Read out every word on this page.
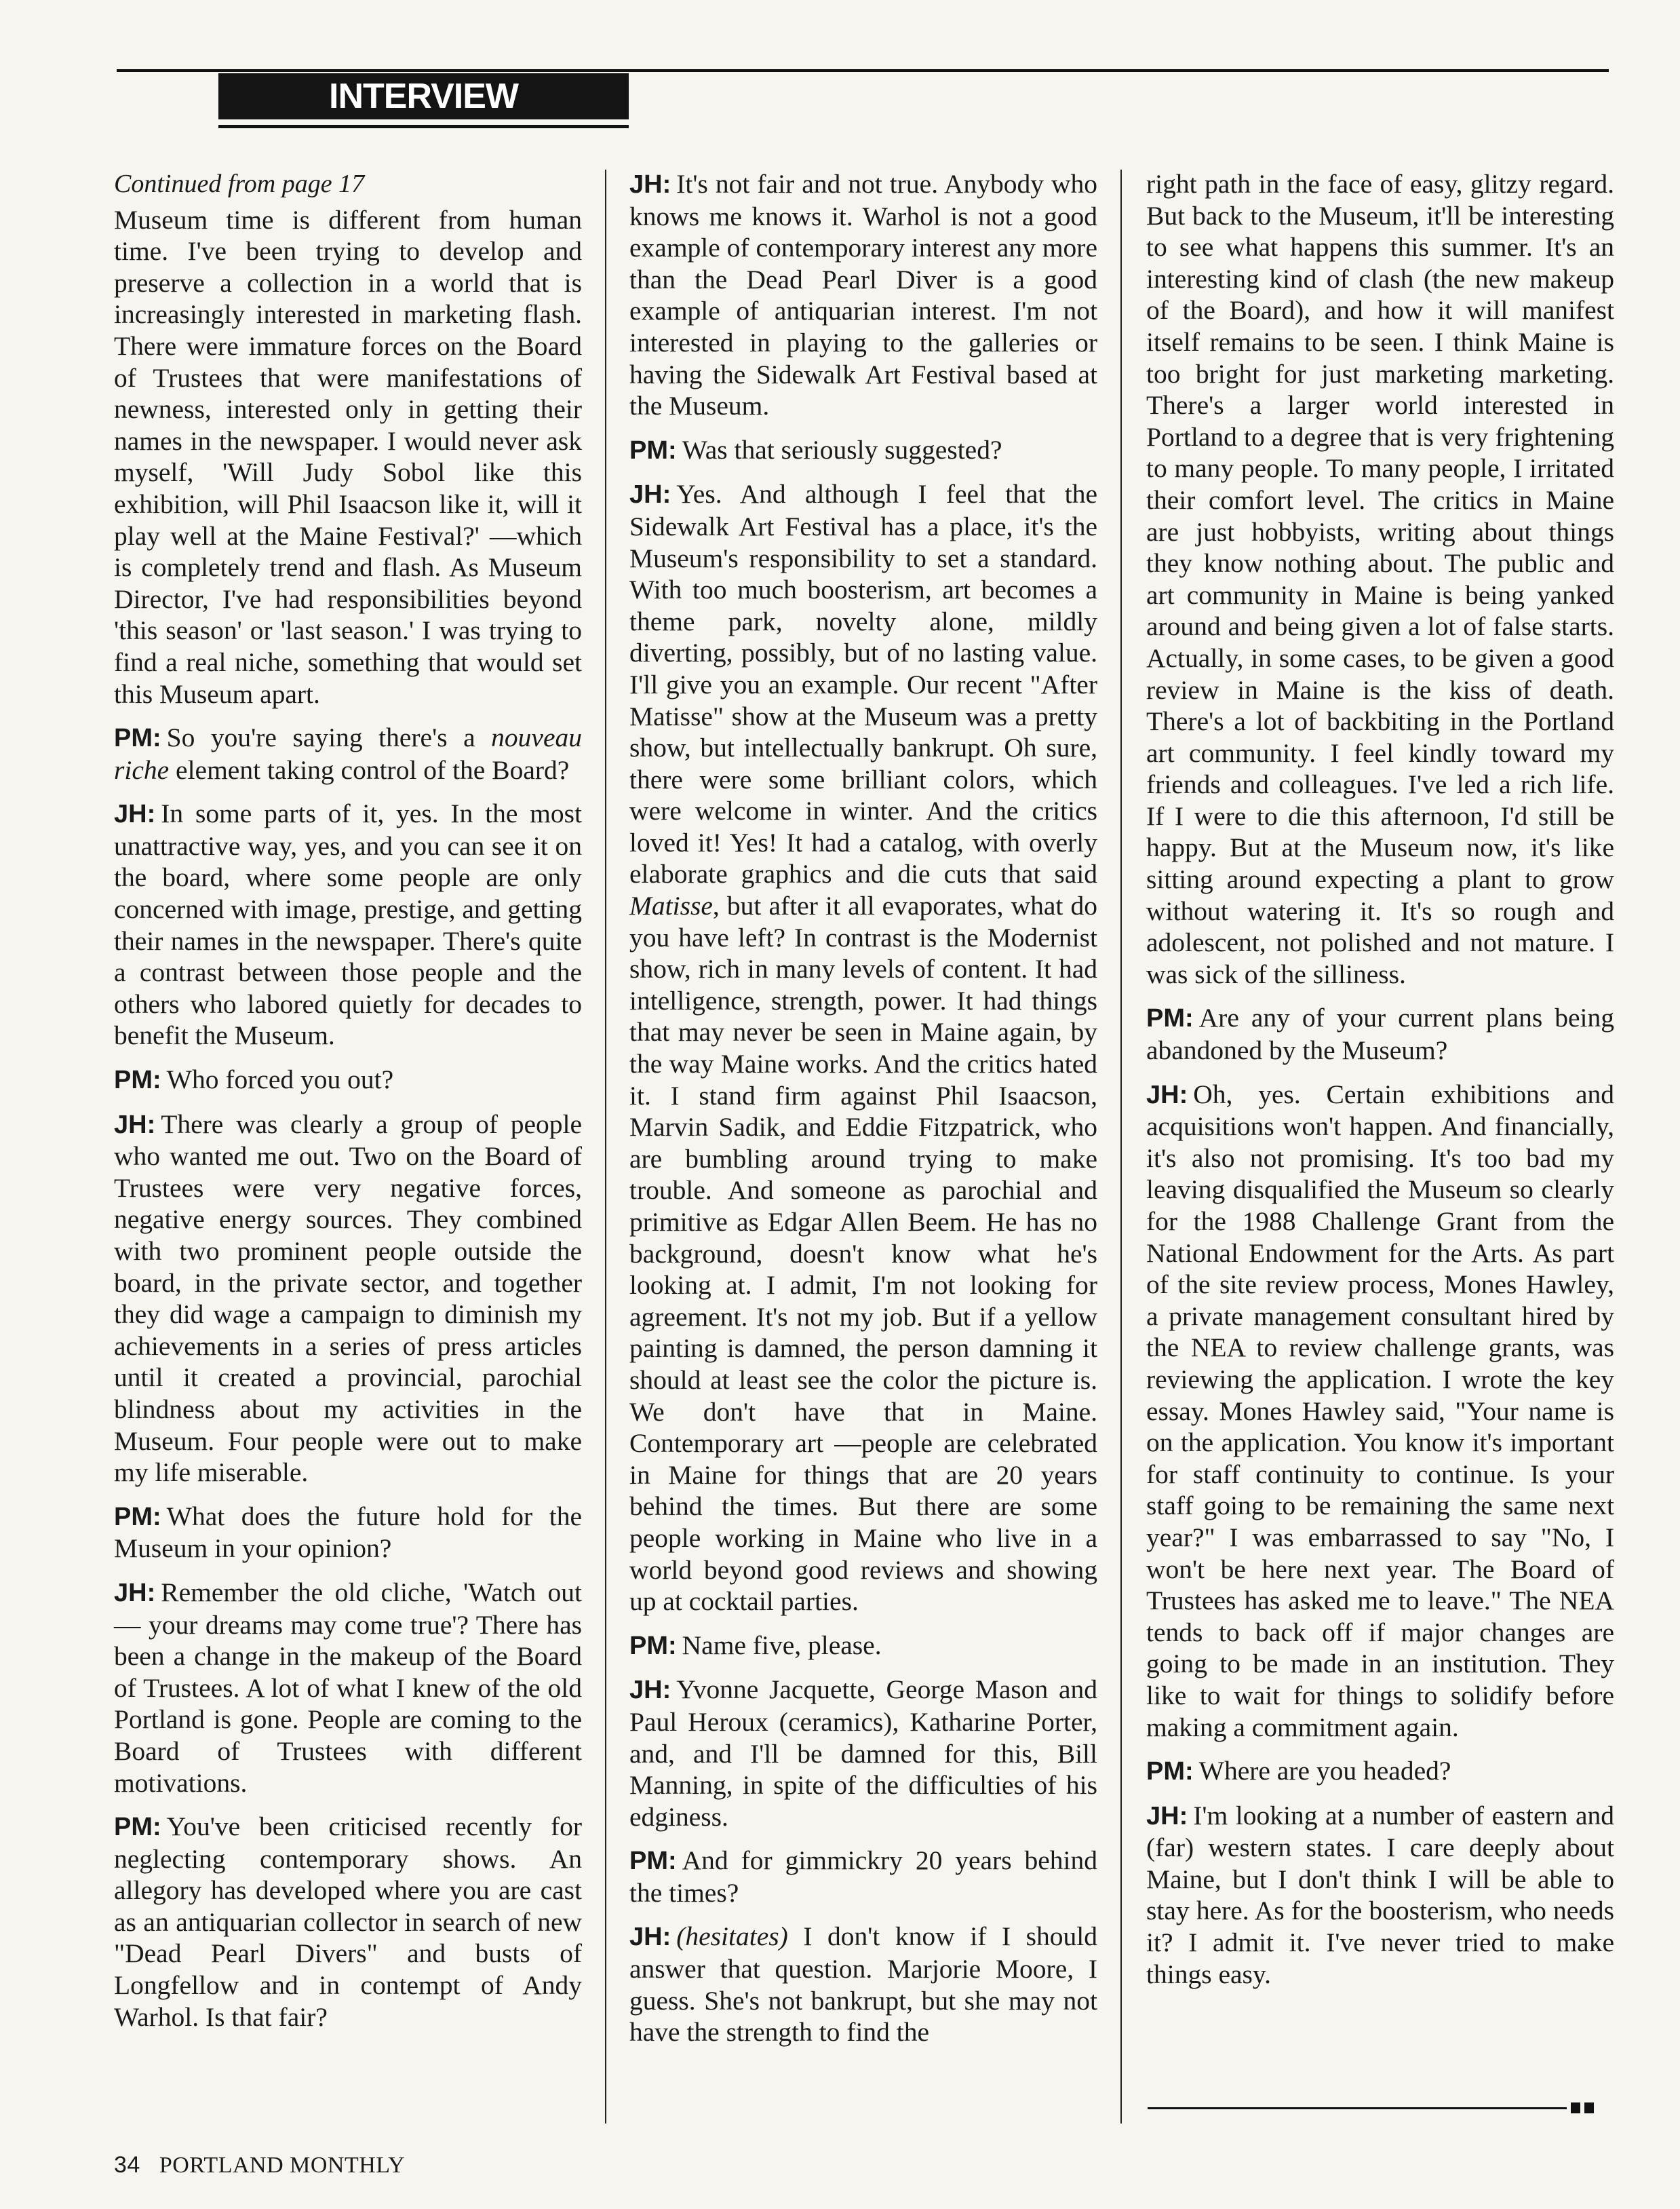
INTERVIEW

Continued from page 17

Museum time is different from human time. I've been trying to develop and preserve a collection in a world that is increasingly interested in marketing flash. There were immature forces on the Board of Trustees that were manifestations of newness, interested only in getting their names in the newspaper. I would never ask myself, 'Will Judy Sobol like this exhibition, will Phil Isaacson like it, will it play well at the Maine Festival?' —which is completely trend and flash. As Museum Director, I've had responsibilities beyond 'this season' or 'last season.' I was trying to find a real niche, something that would set this Museum apart.

PM: So you're saying there's a nouveau riche element taking control of the Board?

JH: In some parts of it, yes. In the most unattractive way, yes, and you can see it on the board, where some people are only concerned with image, prestige, and getting their names in the newspaper. There's quite a contrast between those people and the others who labored quietly for decades to benefit the Museum.

PM: Who forced you out?

JH: There was clearly a group of people who wanted me out. Two on the Board of Trustees were very negative forces, negative energy sources. They combined with two prominent people outside the board, in the private sector, and together they did wage a campaign to diminish my achievements in a series of press articles until it created a provincial, parochial blindness about my activities in the Museum. Four people were out to make my life miserable.

PM: What does the future hold for the Museum in your opinion?

JH: Remember the old cliche, 'Watch out — your dreams may come true'? There has been a change in the makeup of the Board of Trustees. A lot of what I knew of the old Portland is gone. People are coming to the Board of Trustees with different motivations.

PM: You've been criticised recently for neglecting contemporary shows. An allegory has developed where you are cast as an antiquarian collector in search of new "Dead Pearl Divers" and busts of Longfellow and in contempt of Andy Warhol. Is that fair?

JH: It's not fair and not true. Anybody who knows me knows it. Warhol is not a good example of contemporary interest any more than the Dead Pearl Diver is a good example of antiquarian interest. I'm not interested in playing to the galleries or having the Sidewalk Art Festival based at the Museum.

PM: Was that seriously suggested?

JH: Yes. And although I feel that the Sidewalk Art Festival has a place, it's the Museum's responsibility to set a standard. With too much boosterism, art becomes a theme park, novelty alone, mildly diverting, possibly, but of no lasting value. I'll give you an example. Our recent "After Matisse" show at the Museum was a pretty show, but intellectually bankrupt. Oh sure, there were some brilliant colors, which were welcome in winter. And the critics loved it! Yes! It had a catalog, with overly elaborate graphics and die cuts that said Matisse, but after it all evaporates, what do you have left? In contrast is the Modernist show, rich in many levels of content. It had intelligence, strength, power. It had things that may never be seen in Maine again, by the way Maine works. And the critics hated it. I stand firm against Phil Isaacson, Marvin Sadik, and Eddie Fitzpatrick, who are bumbling around trying to make trouble. And someone as parochial and primitive as Edgar Allen Beem. He has no background, doesn't know what he's looking at. I admit, I'm not looking for agreement. It's not my job. But if a yellow painting is damned, the person damning it should at least see the color the picture is. We don't have that in Maine. Contemporary art —people are celebrated in Maine for things that are 20 years behind the times. But there are some people working in Maine who live in a world beyond good reviews and showing up at cocktail parties.

PM: Name five, please.

JH: Yvonne Jacquette, George Mason and Paul Heroux (ceramics), Katharine Porter, and, and I'll be damned for this, Bill Manning, in spite of the difficulties of his edginess.

PM: And for gimmickry 20 years behind the times?

JH: (hesitates) I don't know if I should answer that question. Marjorie Moore, I guess. She's not bankrupt, but she may not have the strength to find the

right path in the face of easy, glitzy regard. But back to the Museum, it'll be interesting to see what happens this summer. It's an interesting kind of clash (the new makeup of the Board), and how it will manifest itself remains to be seen. I think Maine is too bright for just marketing marketing. There's a larger world interested in Portland to a degree that is very frightening to many people. To many people, I irritated their comfort level. The critics in Maine are just hobbyists, writing about things they know nothing about. The public and art community in Maine is being yanked around and being given a lot of false starts. Actually, in some cases, to be given a good review in Maine is the kiss of death. There's a lot of backbiting in the Portland art community. I feel kindly toward my friends and colleagues. I've led a rich life. If I were to die this afternoon, I'd still be happy. But at the Museum now, it's like sitting around expecting a plant to grow without watering it. It's so rough and adolescent, not polished and not mature. I was sick of the silliness.

PM: Are any of your current plans being abandoned by the Museum?

JH: Oh, yes. Certain exhibitions and acquisitions won't happen. And financially, it's also not promising. It's too bad my leaving disqualified the Museum so clearly for the 1988 Challenge Grant from the National Endowment for the Arts. As part of the site review process, Mones Hawley, a private management consultant hired by the NEA to review challenge grants, was reviewing the application. I wrote the key essay. Mones Hawley said, "Your name is on the application. You know it's important for staff continuity to continue. Is your staff going to be remaining the same next year?" I was embarrassed to say "No, I won't be here next year. The Board of Trustees has asked me to leave." The NEA tends to back off if major changes are going to be made in an institution. They like to wait for things to solidify before making a commitment again.

PM: Where are you headed?

JH: I'm looking at a number of eastern and (far) western states. I care deeply about Maine, but I don't think I will be able to stay here. As for the boosterism, who needs it? I admit it. I've never tried to make things easy.

34 PORTLAND MONTHLY
